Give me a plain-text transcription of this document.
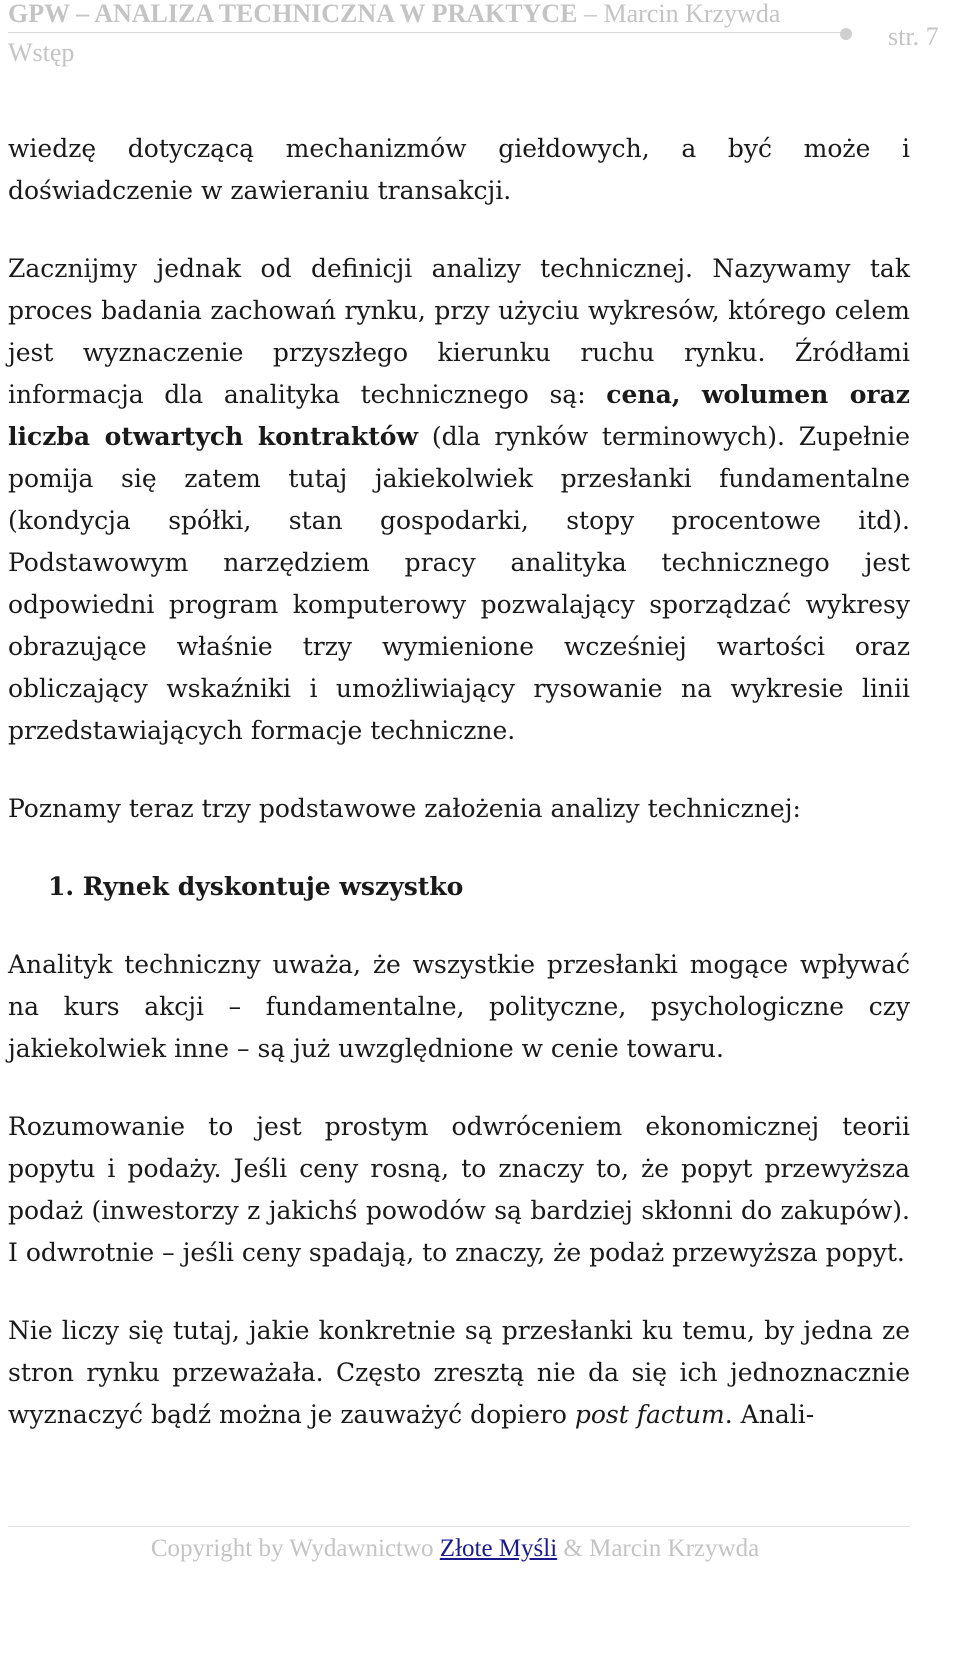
GPW – ANALIZA TECHNICZNA W PRAKTYCE – Marcin Krzywda
str. 7
Wstęp

wiedzę dotyczącą mechanizmów giełdowych, a być może i doświadczenie w zawieraniu transakcji.

Zacznijmy jednak od definicji analizy technicznej. Nazywamy tak proces badania zachowań rynku, przy użyciu wykresów, którego celem jest wyznaczenie przyszłego kierunku ruchu rynku. Źródłami informacja dla analityka technicznego są: cena, wolumen oraz liczba otwartych kontraktów (dla rynków terminowych). Zupełnie pomija się zatem tutaj jakiekolwiek przesłanki fundamentalne (kondycja spółki, stan gospodarki, stopy procentowe itd). Podstawowym narzędziem pracy analityka technicznego jest odpowiedni program komputerowy pozwalający sporządzać wykresy obrazujące właśnie trzy wymienione wcześniej wartości oraz obliczający wskaźniki i umożliwiający rysowanie na wykresie linii przedstawiających formacje techniczne.

Poznamy teraz trzy podstawowe założenia analizy technicznej:

1. Rynek dyskontuje wszystko

Analityk techniczny uważa, że wszystkie przesłanki mogące wpływać na kurs akcji – fundamentalne, polityczne, psychologiczne czy jakiekolwiek inne – są już uwzględnione w cenie towaru.

Rozumowanie to jest prostym odwróceniem ekonomicznej teorii popytu i podaży. Jeśli ceny rosną, to znaczy to, że popyt przewyższa podaż (inwestorzy z jakichś powodów są bardziej skłonni do zakupów). I odwrotnie – jeśli ceny spadają, to znaczy, że podaż przewyższa popyt.

Nie liczy się tutaj, jakie konkretnie są przesłanki ku temu, by jedna ze stron rynku przeważała. Często zresztą nie da się ich jednoznacznie wyznaczyć bądź można je zauważyć dopiero post factum. Anali-

Copyright by Wydawnictwo Złote Myśli & Marcin Krzywda
